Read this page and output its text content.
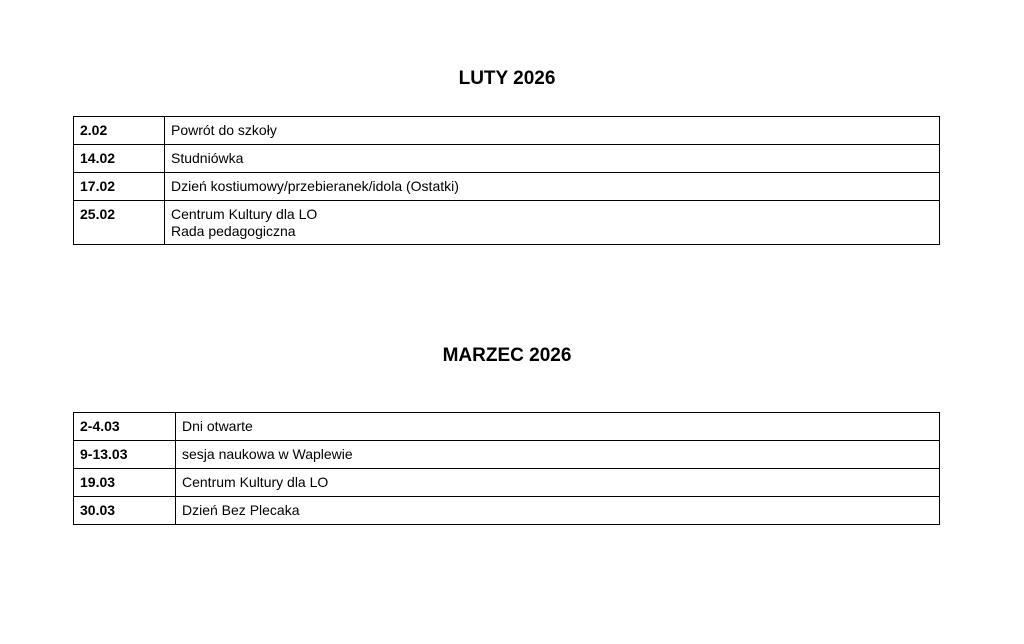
LUTY 2026
2.02	Powrót do szkoły

14.02	Studniówka

17.02	Dzień kostiumowy/przebieranek/idola (Ostatki)

25.02	Centrum Kultury dla LO
Rada pedagogiczna
MARZEC 2026
2-4.03	Dni otwarte

9-13.03	sesja naukowa w Waplewie

19.03	Centrum Kultury dla LO

30.03	Dzień Bez Plecaka
